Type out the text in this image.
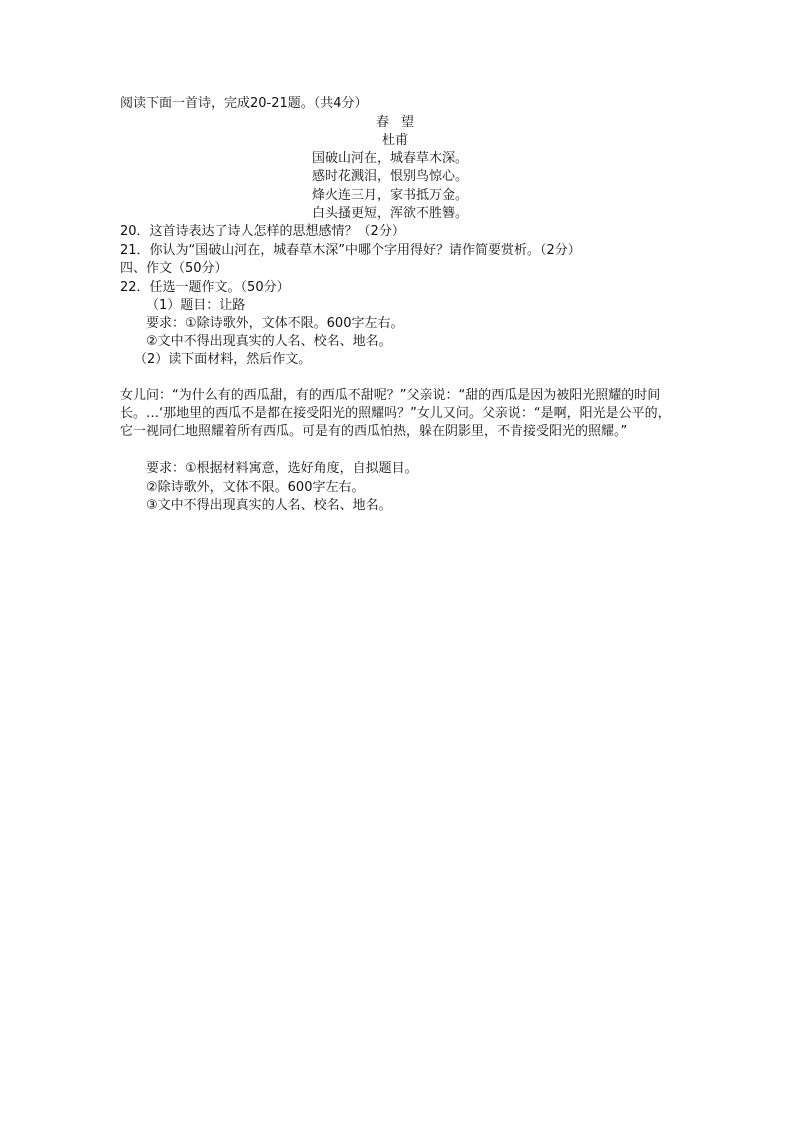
阅读下面一首诗，完成20-21题。（共4分）
春望
杜甫
国破山河在，城春草木深。
感时花溅泪，恨别鸟惊心。
烽火连三月，家书抵万金。
白头搔更短，浑欲不胜簪。
20．这首诗表达了诗人怎样的思想感情？（2分）
21．你认为“国破山河在，城春草木深”中哪个字用得好？请作简要赏析。（2分）
四、作文（50分）
22．任选一题作文。（50分）
（1）题目：让路
要求：①除诗歌外，文体不限。600字左右。
②文中不得出现真实的人名、校名、地名。
（2）读下面材料，然后作文。
女儿问：“为什么有的西瓜甜，有的西瓜不甜呢？”父亲说：“甜的西瓜是因为被阳光照耀的时间长。…‘那地里的西瓜不是都在接受阳光的照耀吗？”女儿又问。父亲说：“是啊，阳光是公平的，它一视同仁地照耀着所有西瓜。可是有的西瓜怕热，躲在阴影里，不肯接受阳光的照耀。”
要求：①根据材料寓意，选好角度，自拟题目。
②除诗歌外，文体不限。600字左右。
③文中不得出现真实的人名、校名、地名。
